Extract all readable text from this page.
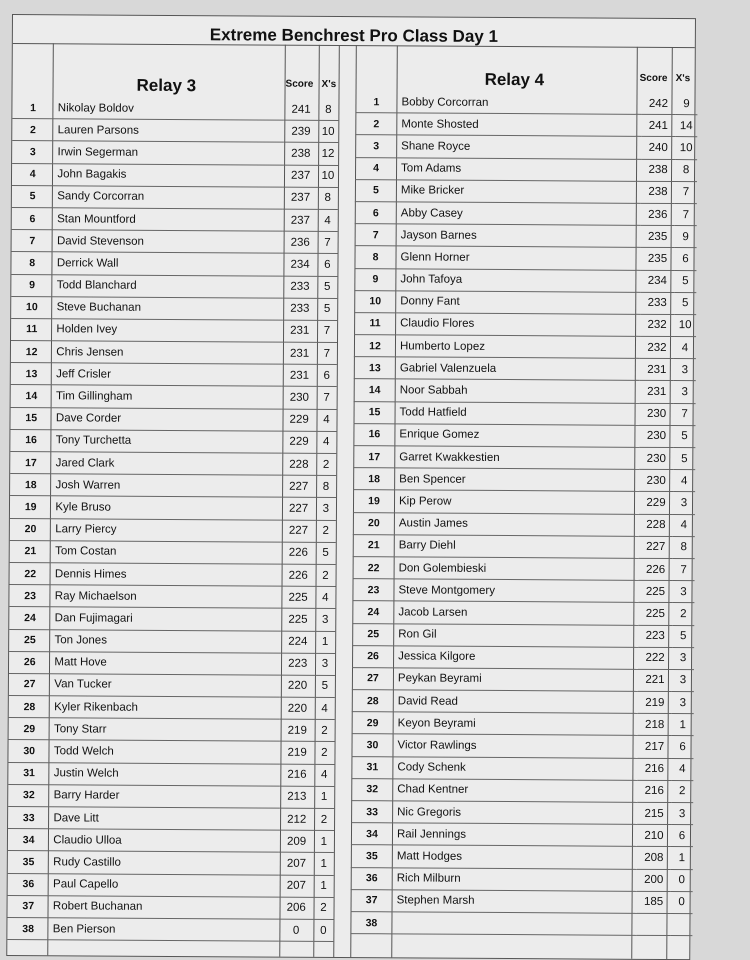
Extreme Benchrest Pro Class Day 1
Relay 3	Score X's	Relay 4	Score X's
1	Nikolay Boldov	241	8
2	Lauren Parsons	239	10
3	Irwin Segerman	238	12
4	John Bagakis	237	10
5	Sandy Corcorran	237	8
6	Stan Mountford	237	4
7	David Stevenson	236	7
8	Derrick Wall	234	6
9	Todd Blanchard	233	5
10	Steve Buchanan	233	5
11	Holden Ivey	231	7
12	Chris Jensen	231	7
13	Jeff Crisler	231	6
14	Tim Gillingham	230	7
15	Dave Corder	229	4
16	Tony Turchetta	229	4
17	Jared Clark	228	2
18	Josh Warren	227	8
19	Kyle Bruso	227	3
20	Larry Piercy	227	2
21	Tom Costan	226	5
22	Dennis Himes	226	2
23	Ray Michaelson	225	4
24	Dan Fujimagari	225	3
25	Ton Jones	224	1
26	Matt Hove	223	3
27	Van Tucker	220	5
28	Kyler Rikenbach	220	4
29	Tony Starr	219	2
30	Todd Welch	219	2
31	Justin Welch	216	4
32	Barry Harder	213	1
33	Dave Litt	212	2
34	Claudio Ulloa	209	1
35	Rudy Castillo	207	1
36	Paul Capello	207	1
37	Robert Buchanan	206	2
38	Ben Pierson	0	0
1	Bobby Corcorran	242	9
2	Monte Shosted	241	14
3	Shane Royce	240	10
4	Tom Adams	238	8
5	Mike Bricker	238	7
6	Abby Casey	236	7
7	Jayson Barnes	235	9
8	Glenn Horner	235	6
9	John Tafoya	234	5
10	Donny Fant	233	5
11	Claudio Flores	232	10
12	Humberto Lopez	232	4
13	Gabriel Valenzuela	231	3
14	Noor Sabbah	231	3
15	Todd Hatfield	230	7
16	Enrique Gomez	230	5
17	Garret Kwakkestien	230	5
18	Ben Spencer	230	4
19	Kip Perow	229	3
20	Austin James	228	4
21	Barry Diehl	227	8
22	Don Golembieski	226	7
23	Steve Montgomery	225	3
24	Jacob Larsen	225	2
25	Ron Gil	223	5
26	Jessica Kilgore	222	3
27	Peykan Beyrami	221	3
28	David Read	219	3
29	Keyon Beyrami	218	1
30	Victor Rawlings	217	6
31	Cody Schenk	216	4
32	Chad Kentner	216	2
33	Nic Gregoris	215	3
34	Rail Jennings	210	6
35	Matt Hodges	208	1
36	Rich Milburn	200	0
37	Stephen Marsh	185	0
38			
